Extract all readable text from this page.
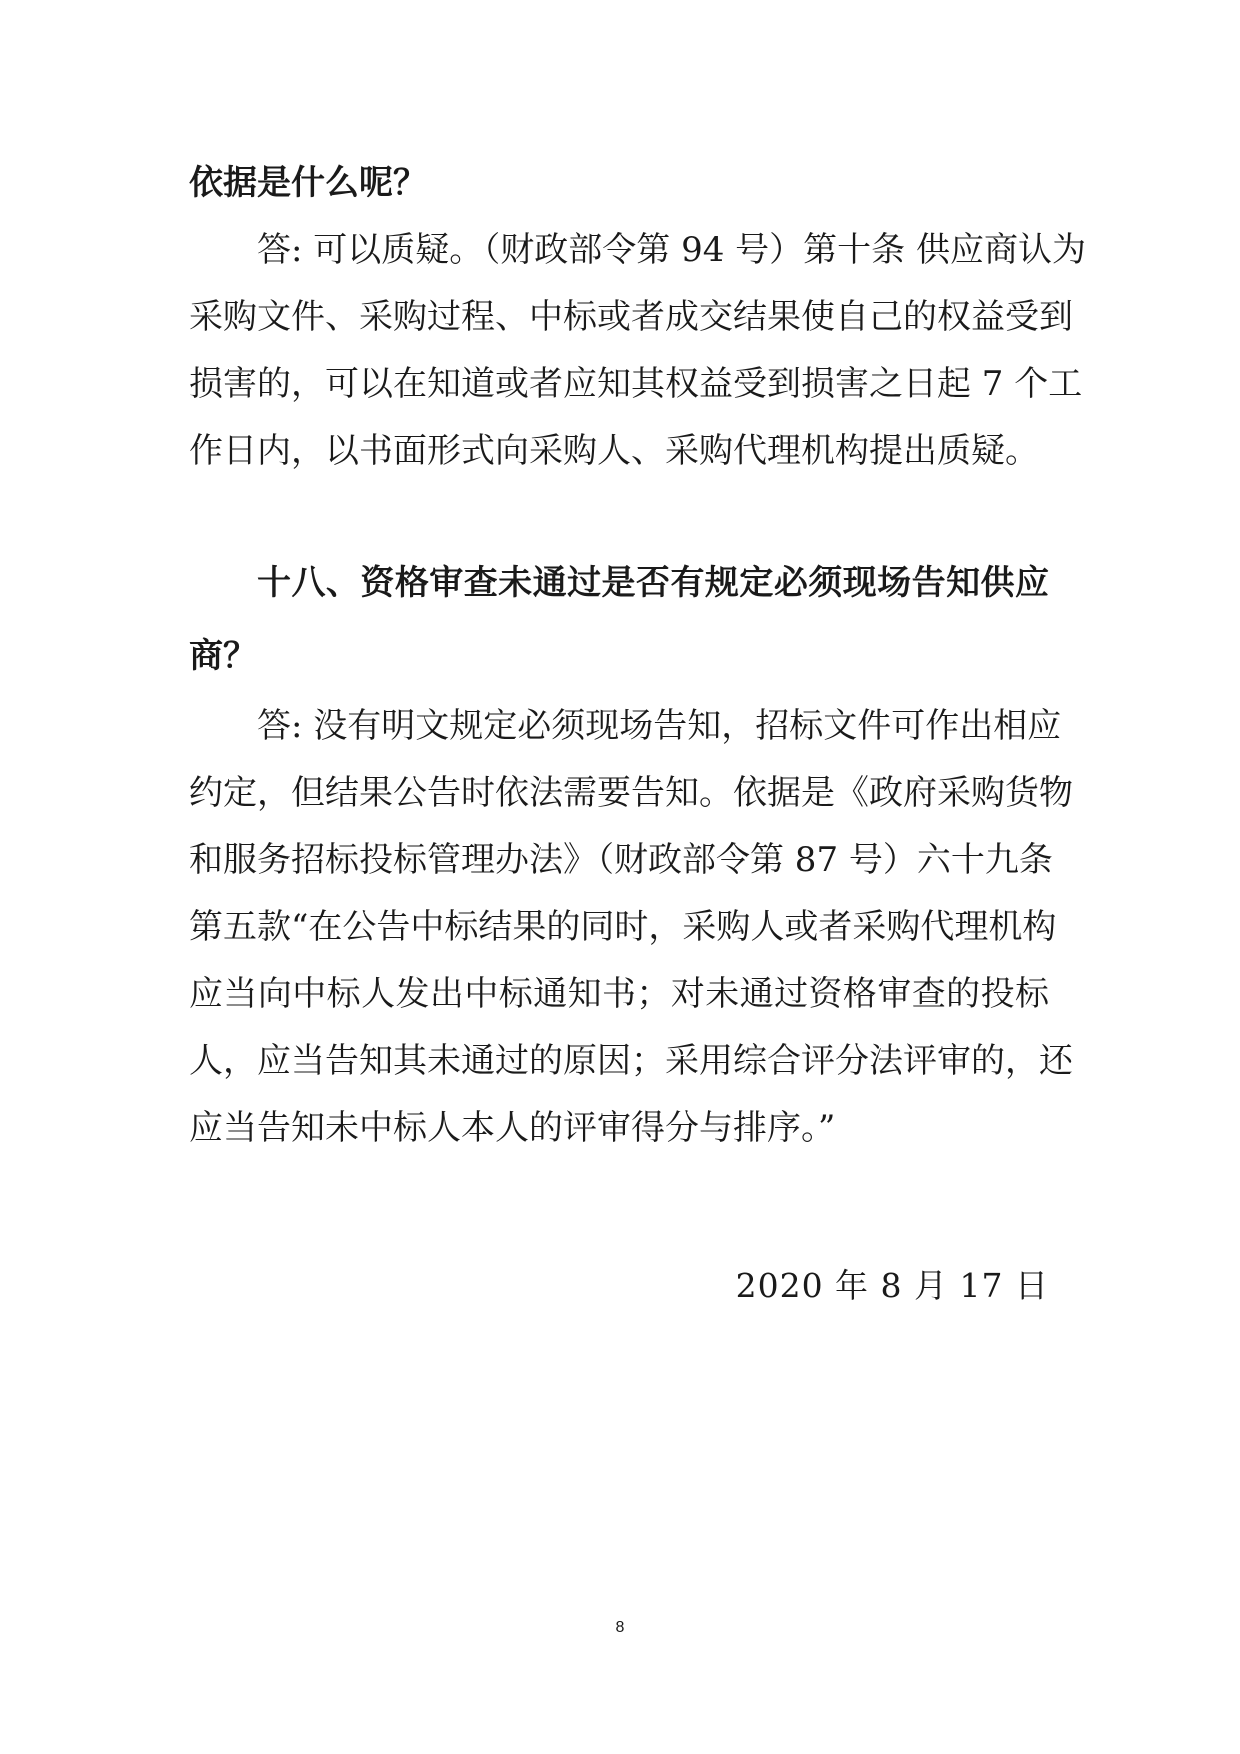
依据是什么呢？

答: 可以质疑。（财政部令第 94 号）第十条 供应商认为

采购文件、采购过程、中标或者成交结果使自己的权益受到

损害的，可以在知道或者应知其权益受到损害之日起 7 个工

作日内，以书面形式向采购人、采购代理机构提出质疑。

十八、资格审查未通过是否有规定必须现场告知供应

商？

答: 没有明文规定必须现场告知，招标文件可作出相应

约定，但结果公告时依法需要告知。依据是《政府采购货物

和服务招标投标管理办法》（财政部令第 87 号）六十九条

第五款“在公告中标结果的同时，采购人或者采购代理机构

应当向中标人发出中标通知书；对未通过资格审查的投标

人，应当告知其未通过的原因；采用综合评分法评审的，还

应当告知未中标人本人的评审得分与排序。”

2020 年 8 月 17 日
8
